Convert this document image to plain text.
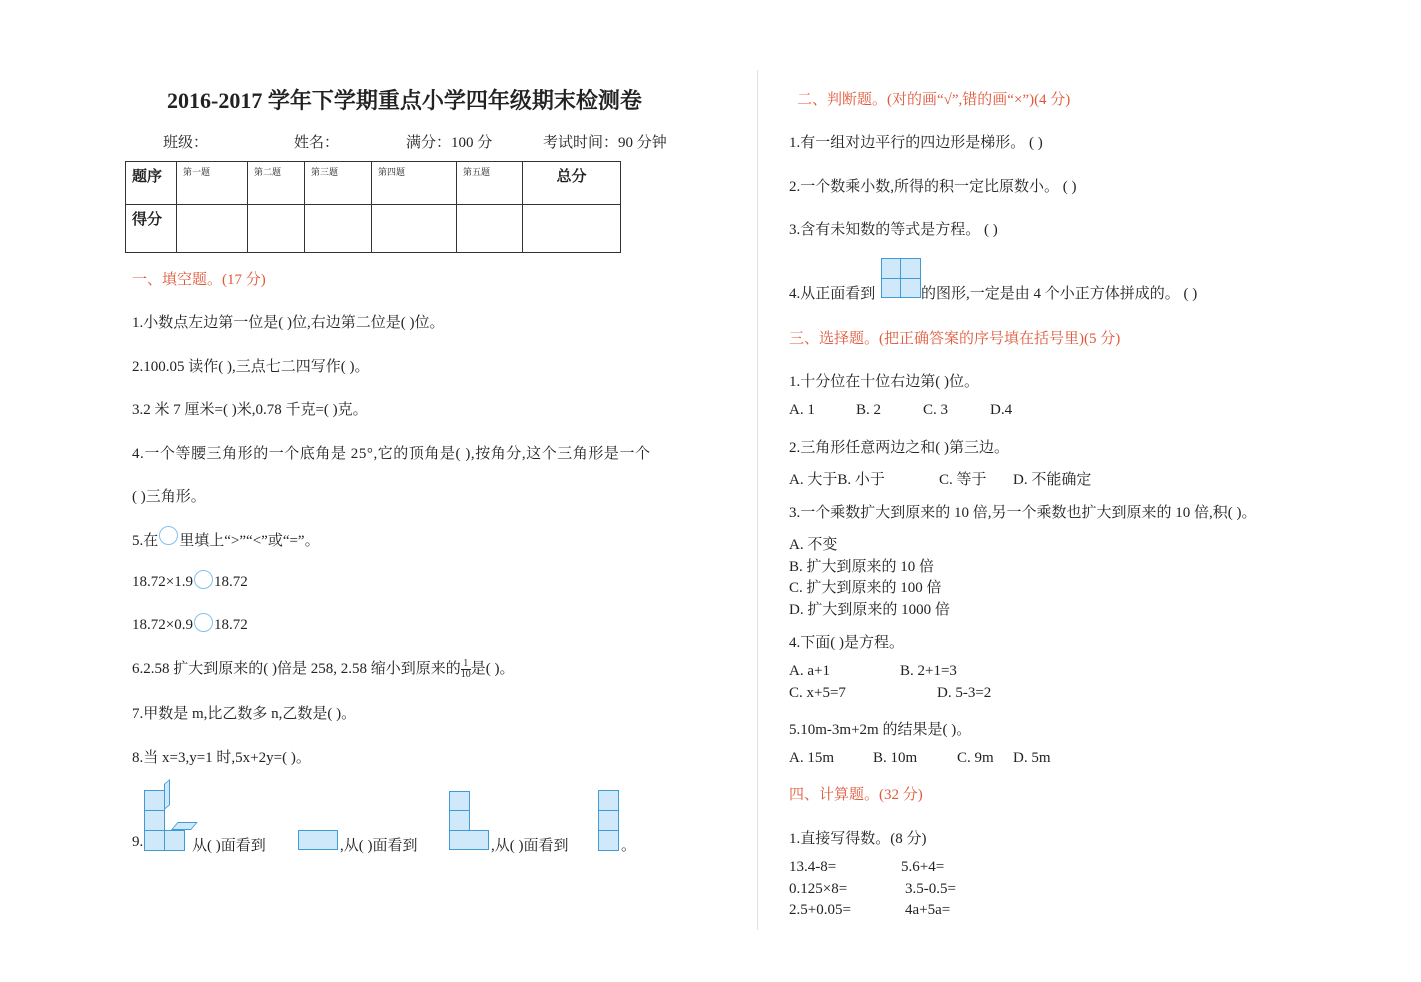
2016-2017 学年下学期重点小学四年级期末检测卷
班级：	姓名：	满分：100 分	考试时间：90 分钟
题序	第一题	第二题	第三题	第四题	第五题	总分
得分						
一、填空题。(17 分)
1.小数点左边第一位是( )位,右边第二位是( )位。
2.100.05 读作( ),三点七二四写作( )。
3.2 米 7 厘米=( )米,0.78 千克=( )克。
4.一个等腰三角形的一个底角是 25°,它的顶角是( ),按角分,这个三角形是一个
( )三角形。
5.在 里填上“>”“<”或“=”。
18.72×1.9 18.72
18.72×0.9 18.72
6.2.58 扩大到原来的( )倍是 258, 2.58 缩小到原来的 $\frac{1}{10}$ 是( )。
7.甲数是 m,比乙数多 n,乙数是( )。
8.当 x=3,y=1 时,5x+2y=( )。
9.	从( )面看到	,从( )面看到	,从( )面看到	。
二、判断题。(对的画“√”,错的画“×”)(4 分)
1.有一组对边平行的四边形是梯形。 ( )
2.一个数乘小数,所得的积一定比原数小。 ( )
3.含有未知数的等式是方程。 ( )
4.从正面看到	的图形,一定是由 4 个小正方体拼成的。 ( )
三、选择题。(把正确答案的序号填在括号里)(5 分)
1.十分位在十位右边第( )位。
A. 1	B. 2	C. 3	D.4
2.三角形任意两边之和( )第三边。
A. 大于B. 小于	C. 等于 D. 不能确定
3.一个乘数扩大到原来的 10 倍,另一个乘数也扩大到原来的 10 倍,积( )。
A. 不变
B. 扩大到原来的 10 倍
C. 扩大到原来的 100 倍
D. 扩大到原来的 1000 倍
4.下面( )是方程。
A. a+1	B. 2+1=3
C. x+5=7	D. 5-3=2
5.10m-3m+2m 的结果是( )。
A. 15m	B. 10m	C. 9m D. 5m
四、计算题。(32 分)
1.直接写得数。(8 分)
13.4-8=	5.6+4=
0.125×8=	3.5-0.5=
2.5+0.05=	4a+5a=
